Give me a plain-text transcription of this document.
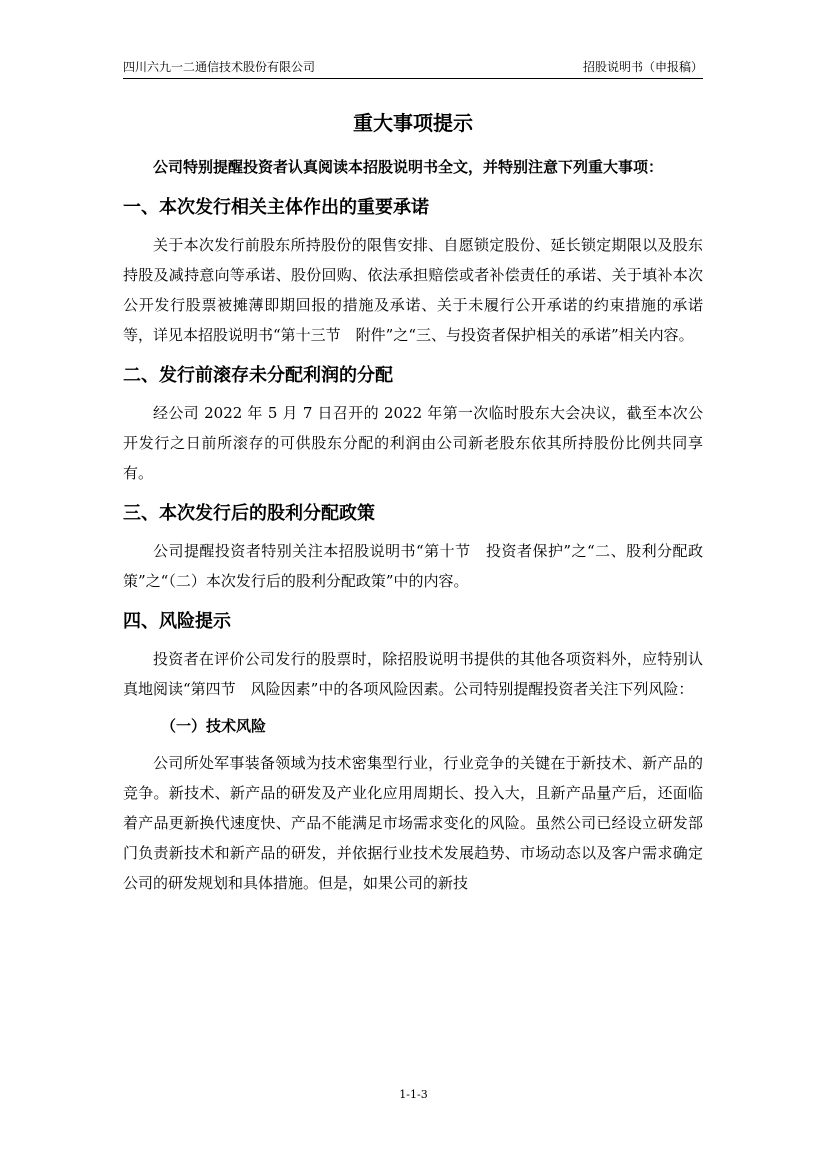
四川六九一二通信技术股份有限公司	招股说明书（申报稿）
重大事项提示

公司特别提醒投资者认真阅读本招股说明书全文，并特别注意下列重大事项：

一、本次发行相关主体作出的重要承诺

关于本次发行前股东所持股份的限售安排、自愿锁定股份、延长锁定期限以及股东持股及减持意向等承诺、股份回购、依法承担赔偿或者补偿责任的承诺、关于填补本次公开发行股票被摊薄即期回报的措施及承诺、关于未履行公开承诺的约束措施的承诺等，详见本招股说明书“第十三节　附件”之“三、与投资者保护相关的承诺”相关内容。

二、发行前滚存未分配利润的分配

经公司 2022 年 5 月 7 日召开的 2022 年第一次临时股东大会决议，截至本次公开发行之日前所滚存的可供股东分配的利润由公司新老股东依其所持股份比例共同享有。

三、本次发行后的股利分配政策

公司提醒投资者特别关注本招股说明书“第十节　投资者保护”之“二、股利分配政策”之“（二）本次发行后的股利分配政策”中的内容。

四、风险提示

投资者在评价公司发行的股票时，除招股说明书提供的其他各项资料外，应特别认真地阅读“第四节　风险因素”中的各项风险因素。公司特别提醒投资者关注下列风险：

（一）技术风险

公司所处军事装备领域为技术密集型行业，行业竞争的关键在于新技术、新产品的竞争。新技术、新产品的研发及产业化应用周期长、投入大，且新产品量产后，还面临着产品更新换代速度快、产品不能满足市场需求变化的风险。虽然公司已经设立研发部门负责新技术和新产品的研发，并依据行业技术发展趋势、市场动态以及客户需求确定公司的研发规划和具体措施。但是，如果公司的新技

1-1-3
